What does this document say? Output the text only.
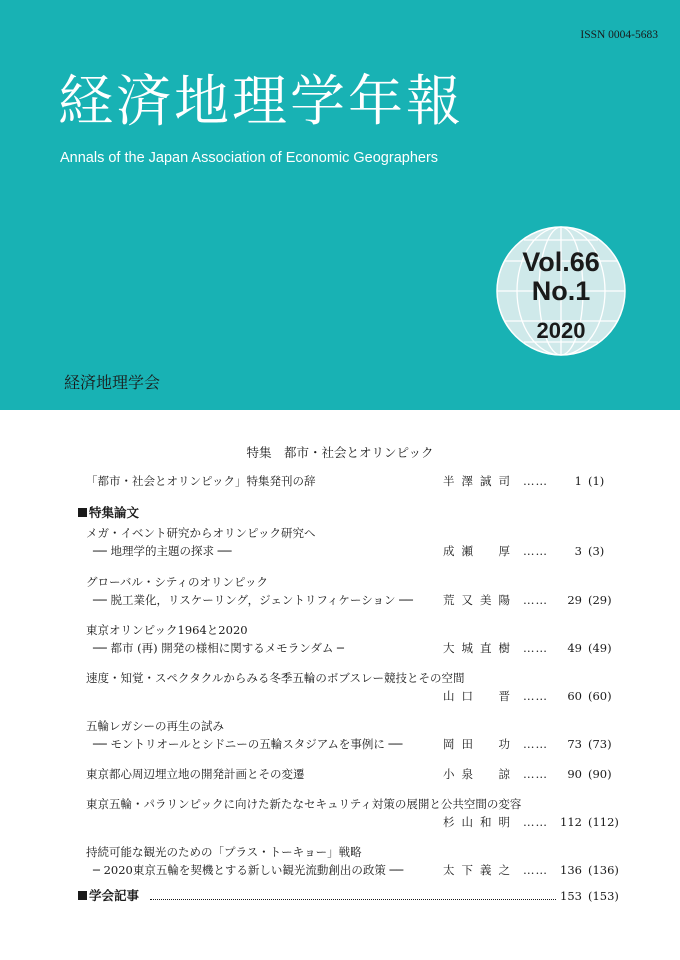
ISSN 0004-5683
経済地理学年報
Annals of the Japan Association of Economic Geographers
Vol.66
No.1
2020
経済地理学会
特集　都市・社会とオリンピック
「都市・社会とオリンピック」特集発刊の辞	半澤誠司 ……	1 (1)
特集論文
メガ・イベント研究からオリンピック研究へ
── 地理学的主題の探求 ──	成瀬　厚 ……	3 (3)
グローバル・シティのオリンピック
── 脱工業化，リスケーリング，ジェントリフィケーション ──	荒又美陽 ……	29 (29)
東京オリンピック1964と2020
── 都市 (再) 開発の様相に関するメモランダム ─	大城直樹 ……	49 (49)
速度・知覚・スペクタクルからみる冬季五輪のボブスレー競技とその空間
山口　晋 ……	60 (60)
五輪レガシーの再生の試み
── モントリオールとシドニーの五輪スタジアムを事例に ──	岡田　功 ……	73 (73)
東京都心周辺埋立地の開発計画とその変遷	小泉　諒 ……	90 (90)
東京五輪・パラリンピックに向けた新たなセキュリティ対策の展開と公共空間の変容
杉山和明 ……	112 (112)
持続可能な観光のための「プラス・トーキョー」戦略
─ 2020東京五輪を契機とする新しい観光流動創出の政策 ──	太下義之 ……	136 (136)
学会記事	153 (153)
